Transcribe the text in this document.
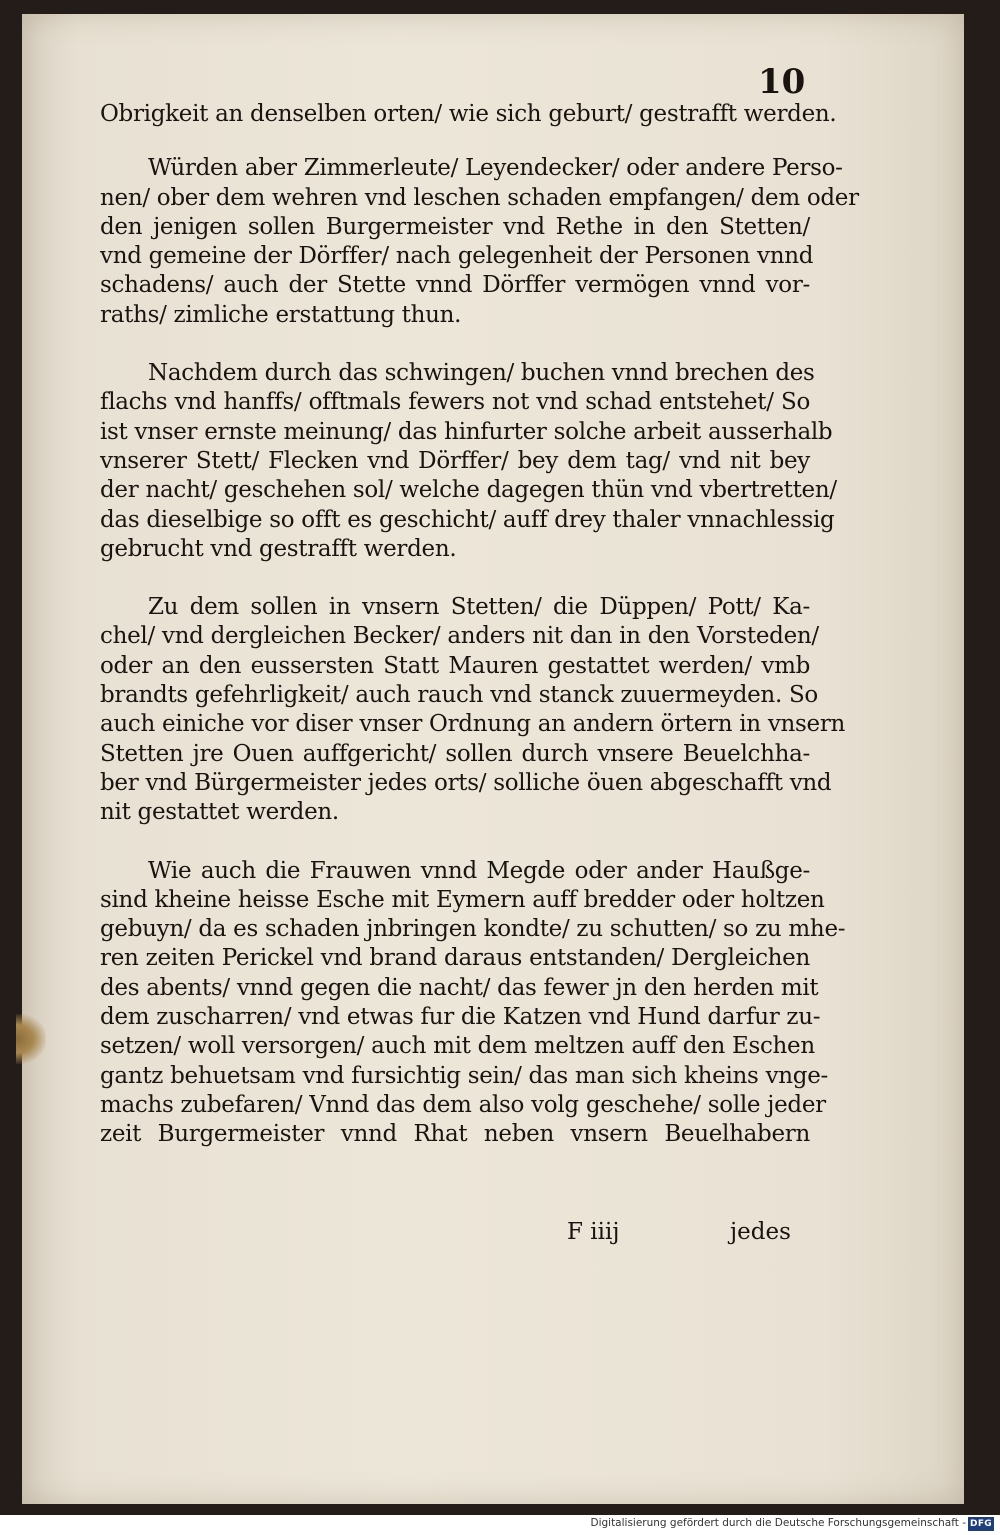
10
Obrigkeit an denselben orten/ wie sich geburt/ gestrafft werden.
Würden aber Zimmerleute/ Leyendecker/ oder andere Perso-
nen/ ober dem wehren vnd leschen schaden empfangen/ dem oder
den jenigen sollen Burgermeister vnd Rethe in den Stetten/
vnd gemeine der Dörffer/ nach gelegenheit der Personen vnnd
schadens/ auch der Stette vnnd Dörffer vermögen vnnd vor-
raths/ zimliche erstattung thun.
Nachdem durch das schwingen/ buchen vnnd brechen des
flachs vnd hanffs/ offtmals fewers not vnd schad entstehet/ So
ist vnser ernste meinung/ das hinfurter solche arbeit ausserhalb
vnserer Stett/ Flecken vnd Dörffer/ bey dem tag/ vnd nit bey
der nacht/ geschehen sol/ welche dagegen thün vnd vbertretten/
das dieselbige so offt es geschicht/ auff drey thaler vnnachlessig
gebrucht vnd gestrafft werden.
Zu dem sollen in vnsern Stetten/ die Düppen/ Pott/ Ka-
chel/ vnd dergleichen Becker/ anders nit dan in den Vorsteden/
oder an den eussersten Statt Mauren gestattet werden/ vmb
brandts gefehrligkeit/ auch rauch vnd stanck zuuermeyden. So
auch einiche vor diser vnser Ordnung an andern örtern in vnsern
Stetten jre Ouen auffgericht/ sollen durch vnsere Beuelchha-
ber vnd Bürgermeister jedes orts/ solliche öuen abgeschafft vnd
nit gestattet werden.
Wie auch die Frauwen vnnd Megde oder ander Haußge-
sind kheine heisse Esche mit Eymern auff bredder oder holtzen
gebuyn/ da es schaden jnbringen kondte/ zu schutten/ so zu mhe-
ren zeiten Perickel vnd brand daraus entstanden/ Dergleichen
des abents/ vnnd gegen die nacht/ das fewer jn den herden mit
dem zuscharren/ vnd etwas fur die Katzen vnd Hund darfur zu-
setzen/ woll versorgen/ auch mit dem meltzen auff den Eschen
gantz behuetsam vnd fursichtig sein/ das man sich kheins vnge-
machs zubefaren/ Vnnd das dem also volg geschehe/ solle jeder
zeit Burgermeister vnnd Rhat neben vnsern Beuelhabern
F iiij	jedes
Digitalisierung gefördert durch die Deutsche Forschungsgemeinschaft - DFG
